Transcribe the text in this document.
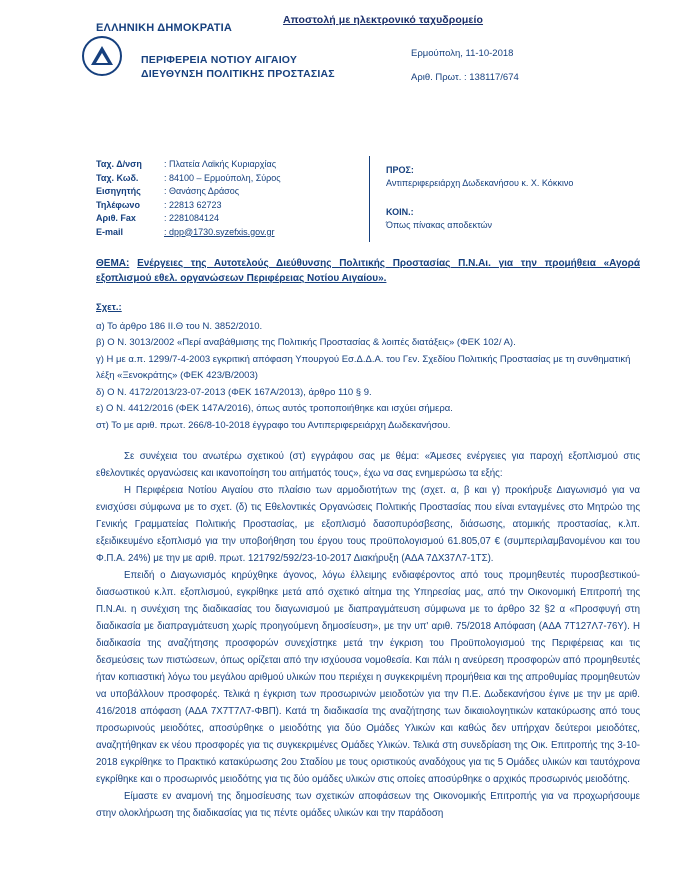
Αποστολή με ηλεκτρονικό ταχυδρομείο
ΕΛΛΗΝΙΚΗ ΔΗΜΟΚΡΑΤΙΑ
ΠΕΡΙΦΕΡΕΙΑ ΝΟΤΙΟΥ ΑΙΓΑΙΟΥ
ΔΙΕΥΘΥΝΣΗ ΠΟΛΙΤΙΚΗΣ ΠΡΟΣΤΑΣΙΑΣ
Ερμούπολη, 11-10-2018
Αριθ. Πρωτ. : 138117/674
Ταχ. Δ/νση	: Πλατεία Λαϊκής Κυριαρχίας
Ταχ. Κωδ.	: 84100 – Ερμούπολη, Σύρος
Εισηγητής	: Θανάσης Δράσος
Τηλέφωνο	: 22813 62723
Αριθ. Fax	: 2281084124
E-mail	: dpp@1730.syzefxis.gov.gr
ΠΡΟΣ:
Αντιπεριφερειάρχη Δωδεκανήσου κ. Χ. Κόκκινο
ΚΟΙΝ.:
Όπως πίνακας αποδεκτών
ΘΕΜΑ: Ενέργειες της Αυτοτελούς Διεύθυνσης Πολιτικής Προστασίας Π.Ν.Αι. για την προμήθεια «Αγορά εξοπλισμού εθελ. οργανώσεων Περιφέρειας Νοτίου Αιγαίου».
Σχετ.:
α) Το άρθρο 186 ΙΙ.Θ του Ν. 3852/2010.
β) Ο Ν. 3013/2002 «Περί αναβάθμισης της Πολιτικής Προστασίας & λοιπές διατάξεις» (ΦΕΚ 102/ Α).
γ) Η με α.π. 1299/7-4-2003 εγκριτική απόφαση Υπουργού Εσ.Δ.Δ.Α. του Γεν. Σχεδίου Πολιτικής Προστασίας με τη συνθηματική λέξη «Ξενοκράτης» (ΦΕΚ 423/Β/2003)
δ) Ο Ν. 4172/2013/23-07-2013 (ΦΕΚ 167Α/2013), άρθρο 110 § 9.
ε) Ο Ν. 4412/2016 (ΦΕΚ 147Α/2016), όπως αυτός τροποποιήθηκε και ισχύει σήμερα.
στ) Το με αριθ. πρωτ. 266/8-10-2018 έγγραφο του Αντιπεριφερειάρχη Δωδεκανήσου.

Σε συνέχεια του ανωτέρω σχετικού (στ) εγγράφου σας με θέμα: «Άμεσες ενέργειες για παροχή εξοπλισμού στις εθελοντικές οργανώσεις και ικανοποίηση του αιτήματός τους», έχω να σας ενημερώσω τα εξής:

Η Περιφέρεια Νοτίου Αιγαίου στο πλαίσιο των αρμοδιοτήτων της (σχετ. α, β και γ) προκήρυξε Διαγωνισμό για να ενισχύσει σύμφωνα με το σχετ. (δ) τις Εθελοντικές Οργανώσεις Πολιτικής Προστασίας που είναι ενταγμένες στο Μητρώο της Γενικής Γραμματείας Πολιτικής Προστασίας, με εξοπλισμό δασοπυρόσβεσης, διάσωσης, ατομικής προστασίας, κ.λπ. εξειδικευμένο εξοπλισμό για την υποβοήθηση του έργου τους προϋπολογισμού 61.805,07 € (συμπεριλαμβανομένου και του Φ.Π.Α. 24%) με την με αριθ. πρωτ. 121792/592/23-10-2017 Διακήρυξη (ΑΔΑ 7ΔΧ37Λ7-1ΤΣ).

Επειδή ο Διαγωνισμός κηρύχθηκε άγονος, λόγω έλλειμης ενδιαφέροντος από τους προμηθευτές πυροσβεστικού-διασωστικού κ.λπ. εξοπλισμού, εγκρίθηκε μετά από σχετικό αίτημα της Υπηρεσίας μας, από την Οικονομική Επιτροπή της Π.Ν.Αι. η συνέχιση της διαδικασίας του διαγωνισμού με διαπραγμάτευση σύμφωνα με το άρθρο 32 §2 α «Προσφυγή στη διαδικασία με διαπραγμάτευση χωρίς προηγούμενη δημοσίευση», με την υπ' αριθ. 75/2018 Απόφαση (ΑΔΑ 7Τ127Λ7-76Υ). Η διαδικασία της αναζήτησης προσφορών συνεχίστηκε μετά την έγκριση του Προϋπολογισμού της Περιφέρειας και τις δεσμεύσεις των πιστώσεων, όπως ορίζεται από την ισχύουσα νομοθεσία. Και πάλι η ανεύρεση προσφορών από προμηθευτές ήταν κοπιαστική λόγω του μεγάλου αριθμού υλικών που περιέχει η συγκεκριμένη προμήθεια και της απροθυμίας προμηθευτών να υποβάλλουν προσφορές. Τελικά η έγκριση των προσωρινών μειοδοτών για την Π.Ε. Δωδεκανήσου έγινε με την με αριθ. 416/2018 απόφαση (ΑΔΑ 7Χ7Τ7Λ7-ΦΒΠ). Κατά τη διαδικασία της αναζήτησης των δικαιολογητικών κατακύρωσης από τους προσωρινούς μειοδότες, αποσύρθηκε ο μειοδότης για δύο Ομάδες Υλικών και καθώς δεν υπήρχαν δεύτεροι μειοδότες, αναζητήθηκαν εκ νέου προσφορές για τις συγκεκριμένες Ομάδες Υλικών. Τελικά στη συνεδρίαση της Οικ. Επιτροπής της 3-10-2018 εγκρίθηκε το Πρακτικό κατακύρωσης 2ου Σταδίου με τους οριστικούς αναδόχους για τις 5 Ομάδες υλικών και ταυτόχρονα εγκρίθηκε και ο προσωρινός μειοδότης για τις δύο ομάδες υλικών στις οποίες αποσύρθηκε ο αρχικός προσωρινός μειοδότης.

Είμαστε εν αναμονή της δημοσίευσης των σχετικών αποφάσεων της Οικονομικής Επιτροπής για να προχωρήσουμε στην ολοκλήρωση της διαδικασίας για τις πέντε ομάδες υλικών και την παράδοση
